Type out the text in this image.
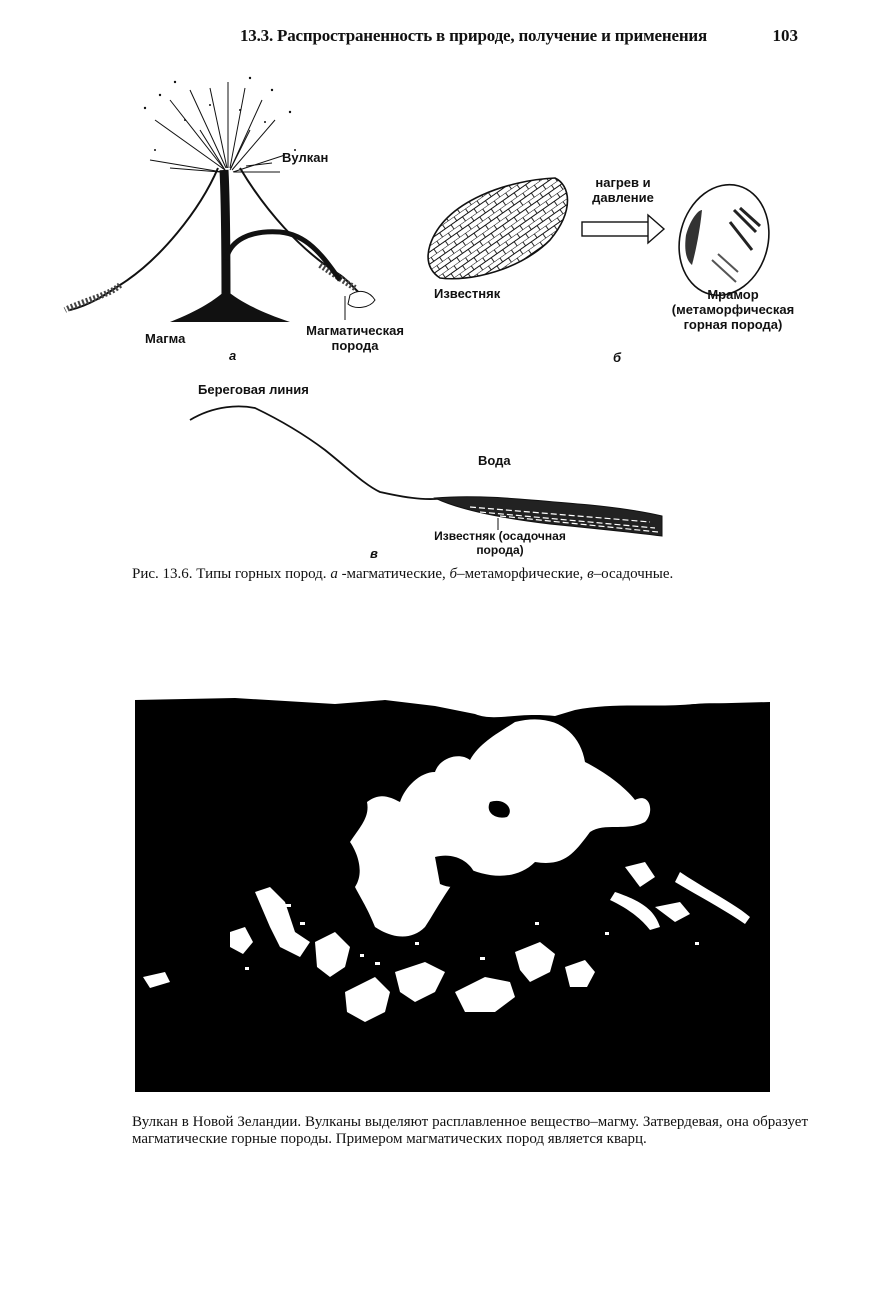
13.3. Распространенность в природе, получение и применения	103
Вулкан
Магма
Магматическая порода
а
нагрев и давление
Известняк	Мрамор (метаморфическая горная порода)
б
Береговая линия
Вода
Известняк (осадочная порода)
в
Рис. 13.6. Типы горных пород. а -магматические, б–метаморфические, в–осадочные.
Вулкан в Новой Зеландии. Вулканы выделяют расплавленное вещество–магму. Затвердевая, она образует магматические горные породы. Примером магматических пород является кварц.
